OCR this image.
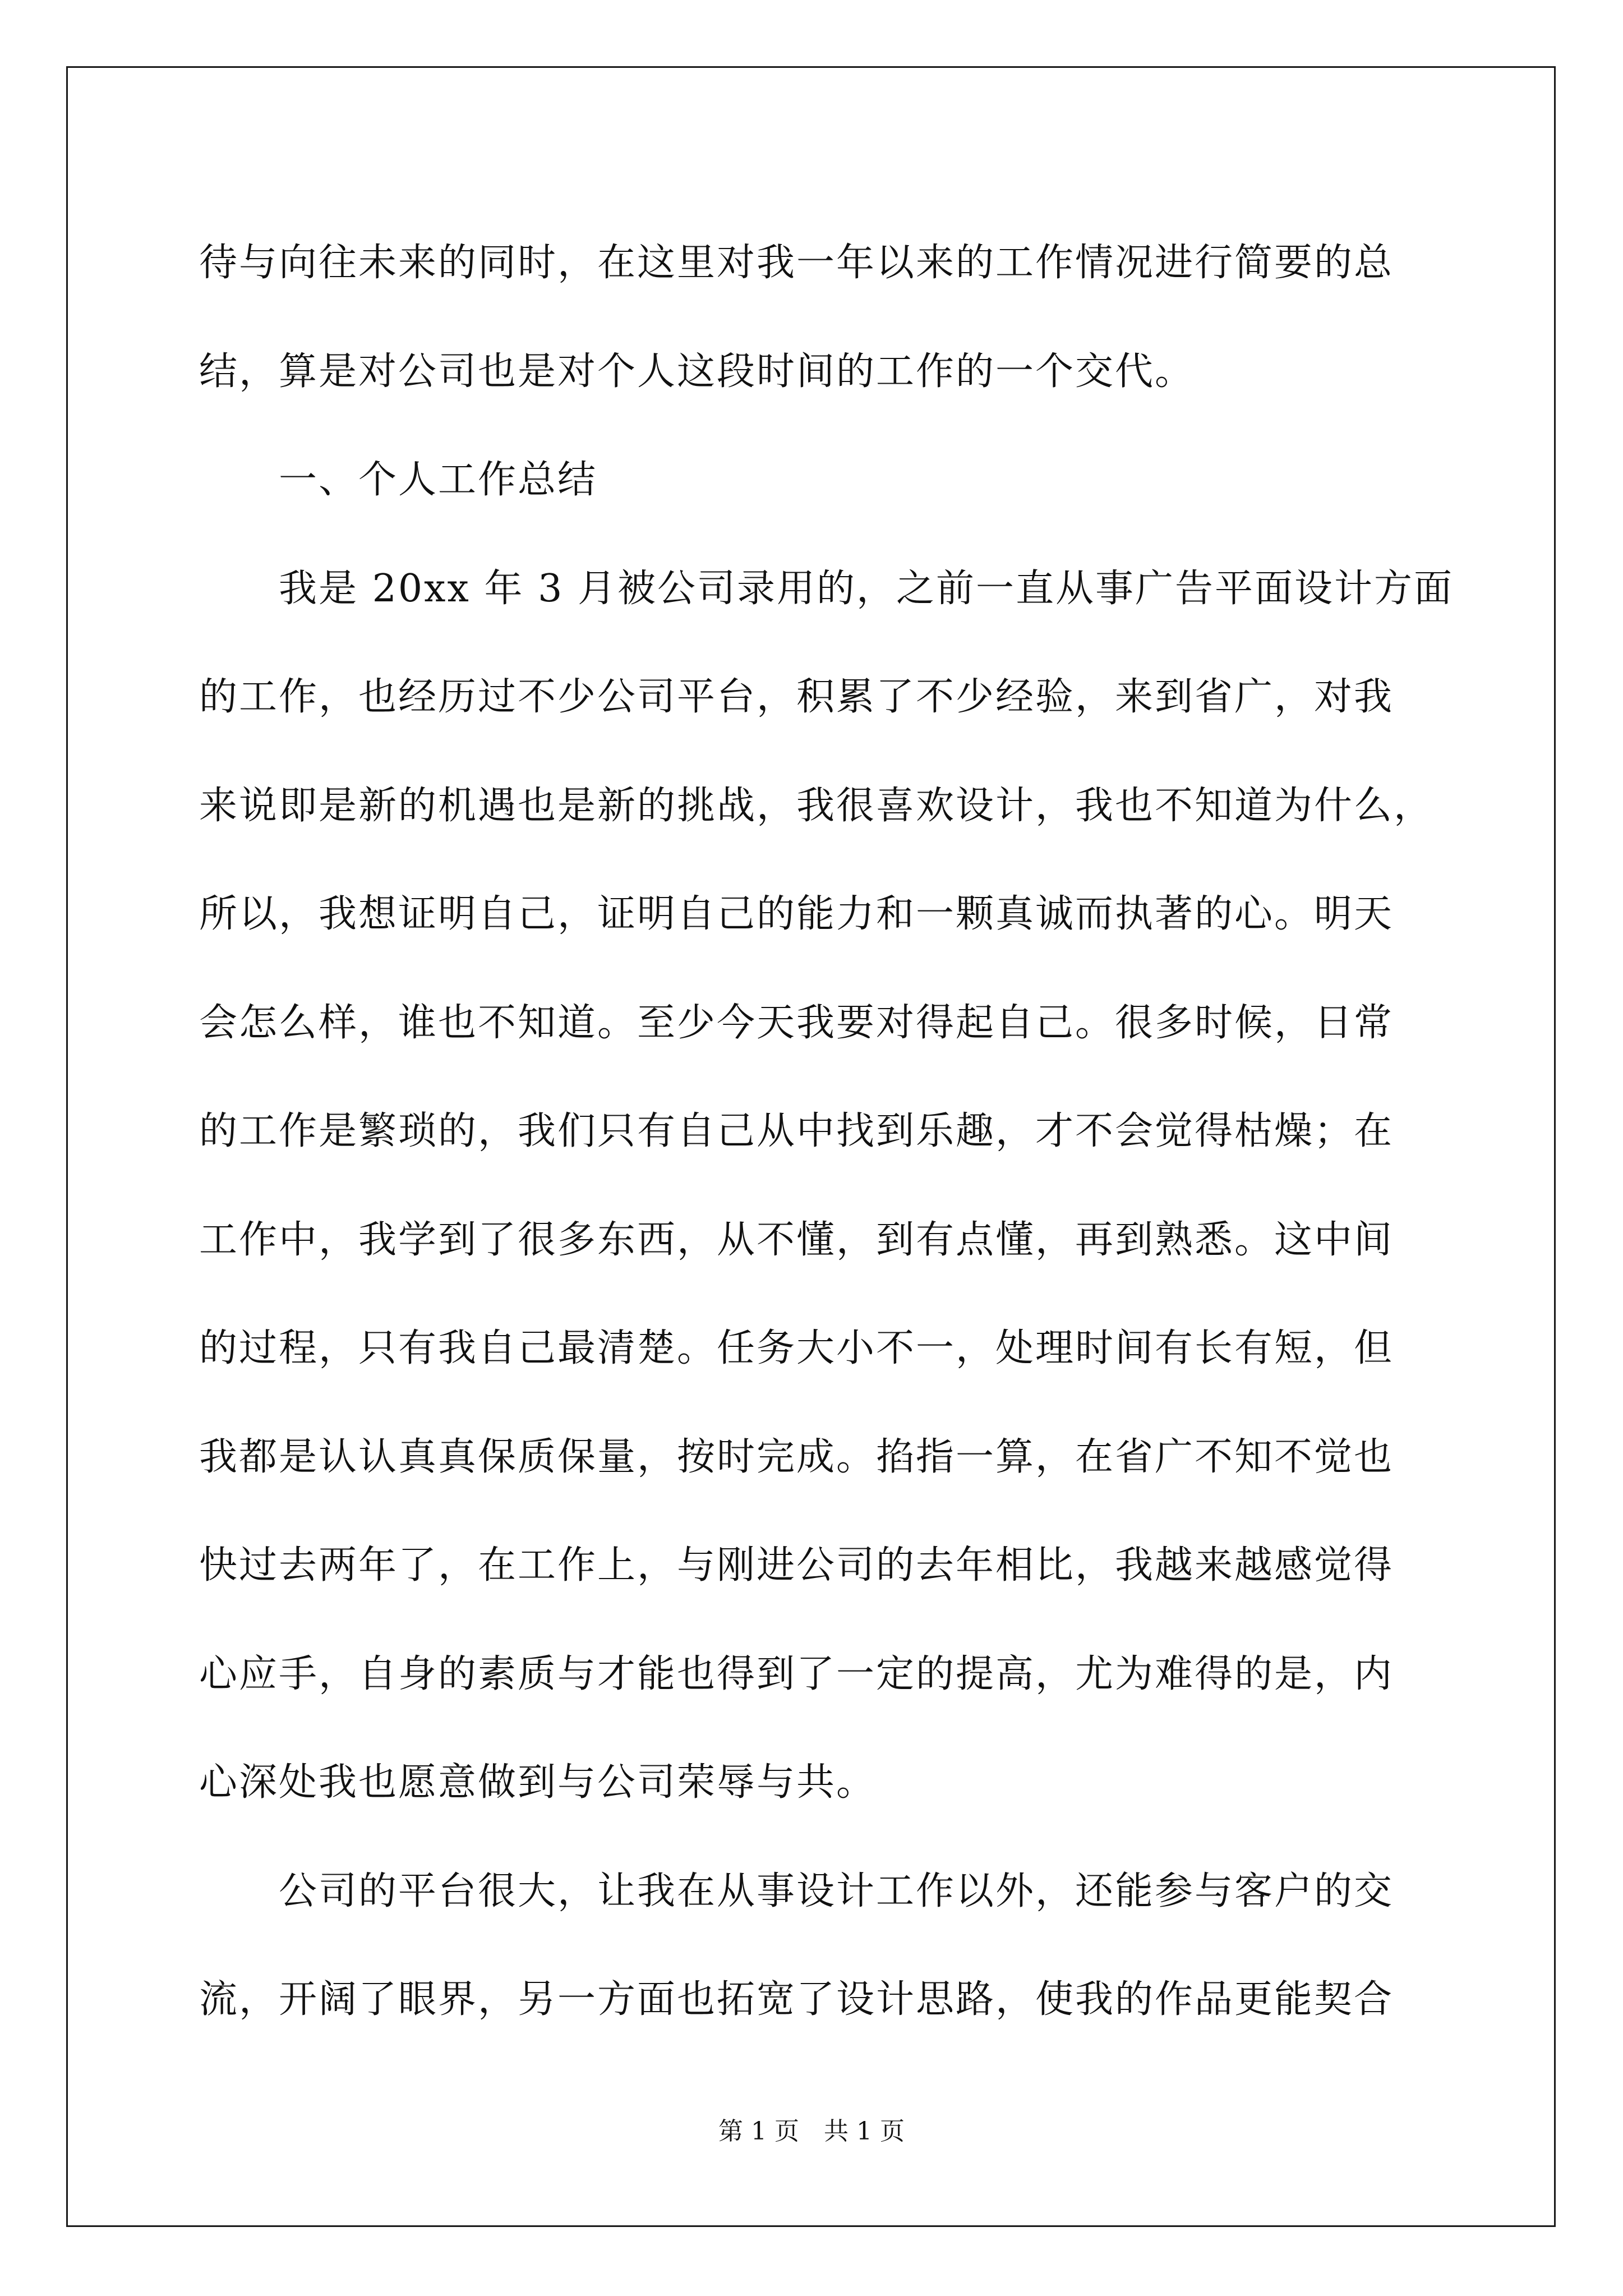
待与向往未来的同时，在这里对我一年以来的工作情况进行简要的总
结，算是对公司也是对个人这段时间的工作的一个交代。
　　一、个人工作总结
　　我是 20xx 年 3 月被公司录用的，之前一直从事广告平面设计方面
的工作，也经历过不少公司平台，积累了不少经验，来到省广，对我
来说即是新的机遇也是新的挑战，我很喜欢设计，我也不知道为什么，
所以，我想证明自己，证明自己的能力和一颗真诚而执著的心。明天
会怎么样，谁也不知道。至少今天我要对得起自己。很多时候，日常
的工作是繁琐的，我们只有自己从中找到乐趣，才不会觉得枯燥；在
工作中，我学到了很多东西，从不懂，到有点懂，再到熟悉。这中间
的过程，只有我自己最清楚。任务大小不一，处理时间有长有短，但
我都是认认真真保质保量，按时完成。掐指一算，在省广不知不觉也
快过去两年了，在工作上，与刚进公司的去年相比，我越来越感觉得
心应手，自身的素质与才能也得到了一定的提高，尤为难得的是，内
心深处我也愿意做到与公司荣辱与共。
　　公司的平台很大，让我在从事设计工作以外，还能参与客户的交
流，开阔了眼界，另一方面也拓宽了设计思路，使我的作品更能契合
第 1 页　共 1 页
